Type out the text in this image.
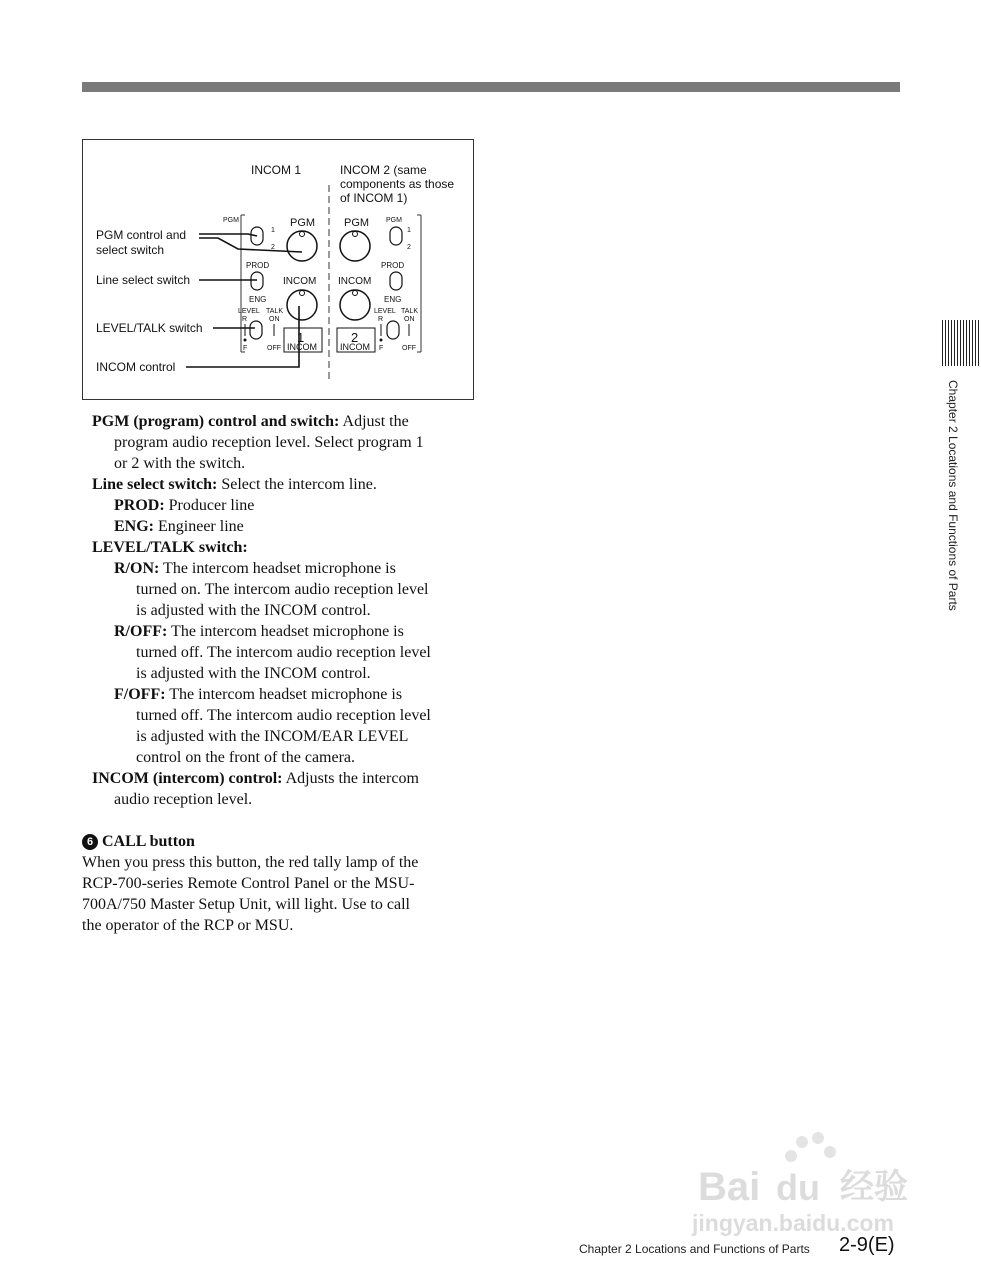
INCOM 1	INCOM 2 (same
components as those
of INCOM 1)
PGM
1
2
PGM
PROD
ENG
INCOM
LEVEL TALK
R	ON
F	OFF
1
INCOM
PGM PGM
1
2
INCOM
PROD
ENG
2
INCOM
LEVEL TALK
R	ON
F	OFF
PGM control and
select switch
Line select switch
LEVEL/TALK switch
INCOM control
PGM (program) control and switch: Adjust the
program audio reception level. Select program 1
or 2 with the switch.
Line select switch: Select the intercom line.
PROD: Producer line
ENG: Engineer line
LEVEL/TALK switch:
R/ON: The intercom headset microphone is
turned on. The intercom audio reception level
is adjusted with the INCOM control.
R/OFF: The intercom headset microphone is
turned off. The intercom audio reception level
is adjusted with the INCOM control.
F/OFF: The intercom headset microphone is
turned off. The intercom audio reception level
is adjusted with the INCOM/EAR LEVEL
control on the front of the camera.
INCOM (intercom) control: Adjusts the intercom
audio reception level.
6 CALL button
When you press this button, the red tally lamp of the
RCP-700-series Remote Control Panel or the MSU-
700A/750 Master Setup Unit, will light. Use to call
the operator of the RCP or MSU.
Chapter 2 Locations and Functions of Parts
Bai du 经验
jingyan.baidu.com
Chapter 2 Locations and Functions of Parts 2-9(E)
